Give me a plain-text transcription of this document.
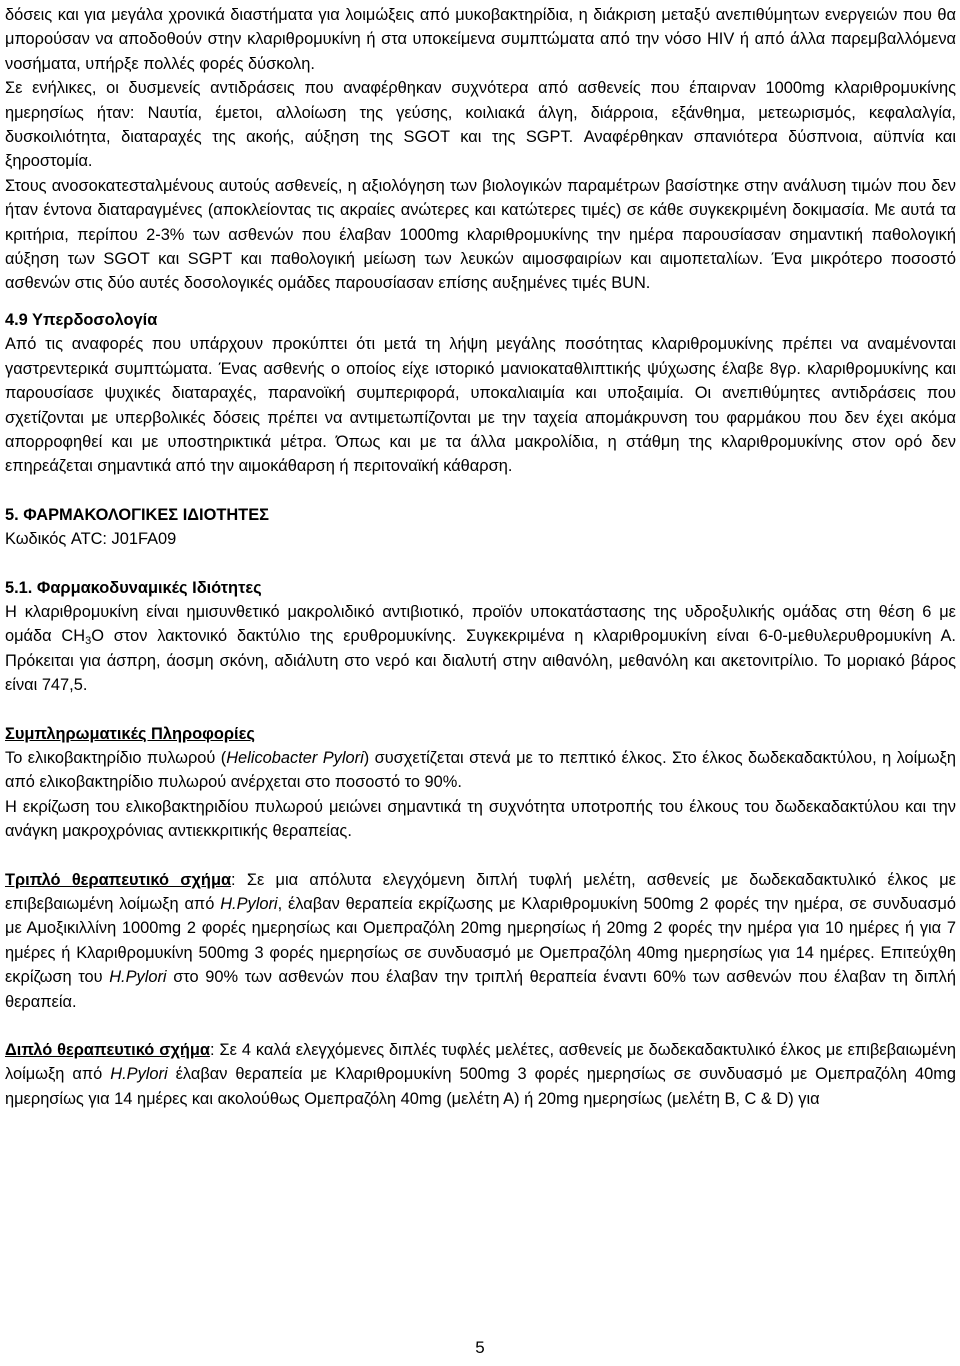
δόσεις και για μεγάλα χρονικά διαστήματα για λοιμώξεις από μυκοβακτηρίδια, η διάκριση μεταξύ ανεπιθύμητων ενεργειών που θα μπορούσαν να αποδοθούν στην κλαριθρομυκίνη ή στα υποκείμενα συμπτώματα από την νόσο HIV ή από άλλα παρεμβαλλόμενα νοσήματα, υπήρξε πολλές φορές δύσκολη.

Σε ενήλικες, οι δυσμενείς αντιδράσεις που αναφέρθηκαν συχνότερα από ασθενείς που έπαιρναν 1000mg κλαριθρομυκίνης ημερησίως ήταν: Ναυτία, έμετοι, αλλοίωση της γεύσης, κοιλιακά άλγη, διάρροια, εξάνθημα, μετεωρισμός, κεφαλαλγία, δυσκοιλιότητα, διαταραχές της ακοής, αύξηση της SGOT και της SGPT. Αναφέρθηκαν σπανιότερα δύσπνοια, αϋπνία και ξηροστομία.

Στους ανοσοκατεσταλμένους αυτούς ασθενείς, η αξιολόγηση των βιολογικών παραμέτρων βασίστηκε στην ανάλυση τιμών που δεν ήταν έντονα διαταραγμένες (αποκλείοντας τις ακραίες ανώτερες και κατώτερες τιμές) σε κάθε συγκεκριμένη δοκιμασία. Με αυτά τα κριτήρια, περίπου 2-3% των ασθενών που έλαβαν 1000mg κλαριθρομυκίνης την ημέρα παρουσίασαν σημαντική παθολογική αύξηση των SGOT και SGPT και παθολογική μείωση των λευκών αιμοσφαιρίων και αιμοπεταλίων. Ένα μικρότερο ποσοστό ασθενών στις δύο αυτές δοσολογικές ομάδες παρουσίασαν επίσης αυξημένες τιμές BUN.

4.9 Υπερδοσολογία

Από τις αναφορές που υπάρχουν προκύπτει ότι μετά τη λήψη μεγάλης ποσότητας κλαριθρομυκίνης πρέπει να αναμένονται γαστρεντερικά συμπτώματα. Ένας ασθενής ο οποίος είχε ιστορικό μανιοκαταθλιπτικής ψύχωσης έλαβε 8γρ. κλαριθρομυκίνης και παρουσίασε ψυχικές διαταραχές, παρανοϊκή συμπεριφορά, υποκαλιαιμία και υποξαιμία. Οι ανεπιθύμητες αντιδράσεις που σχετίζονται με υπερβολικές δόσεις πρέπει να αντιμετωπίζονται με την ταχεία απομάκρυνση του φαρμάκου που δεν έχει ακόμα απορροφηθεί και με υποστηρικτικά μέτρα. Όπως και με τα άλλα μακρολίδια, η στάθμη της κλαριθρομυκίνης στον ορό δεν επηρεάζεται σημαντικά από την αιμοκάθαρση ή περιτοναϊκή κάθαρση.

5. ΦΑΡΜΑΚΟΛΟΓΙΚΕΣ ΙΔΙΟΤΗΤΕΣ

Κωδικός ATC: J01FA09

5.1. Φαρμακοδυναμικές Ιδιότητες

Η κλαριθρομυκίνη είναι ημισυνθετικό μακρολιδικό αντιβιοτικό, προϊόν υποκατάστασης της υδροξυλικής ομάδας στη θέση 6 με ομάδα $CH_3O$ στον λακτονικό δακτύλιο της ερυθρομυκίνης. Συγκεκριμένα η κλαριθρομυκίνη είναι 6-0-μεθυλερυθρομυκίνη Α. Πρόκειται για άσπρη, άοσμη σκόνη, αδιάλυτη στο νερό και διαλυτή στην αιθανόλη, μεθανόλη και ακετονιτρίλιο. Το μοριακό βάρος είναι 747,5.

Συμπληρωματικές Πληροφορίες

Το ελικοβακτηρίδιο πυλωρού (Helicobacter Pylori) συσχετίζεται στενά με το πεπτικό έλκος. Στο έλκος δωδεκαδακτύλου, η λοίμωξη από ελικοβακτηρίδιο πυλωρού ανέρχεται στο ποσοστό το 90%.

Η εκρίζωση του ελικοβακτηριδίου πυλωρού μειώνει σημαντικά τη συχνότητα υποτροπής του έλκους του δωδεκαδακτύλου και την ανάγκη μακροχρόνιας αντιεκκριτικής θεραπείας.

Τριπλό θεραπευτικό σχήμα: Σε μια απόλυτα ελεγχόμενη διπλή τυφλή μελέτη, ασθενείς με δωδεκαδακτυλικό έλκος με επιβεβαιωμένη λοίμωξη από H.Pylori, έλαβαν θεραπεία εκρίζωσης με Κλαριθρομυκίνη 500mg 2 φορές την ημέρα, σε συνδυασμό με Αμοξικιλλίνη 1000mg 2 φορές ημερησίως και Ομεπραζόλη 20mg ημερησίως ή 20mg 2 φορές την ημέρα για 10 ημέρες ή για 7 ημέρες ή Κλαριθρομυκίνη 500mg 3 φορές ημερησίως σε συνδυασμό με Ομεπραζόλη 40mg ημερησίως για 14 ημέρες. Επιτεύχθη εκρίζωση του H.Pylori στο 90% των ασθενών που έλαβαν την τριπλή θεραπεία έναντι 60% των ασθενών που έλαβαν τη διπλή θεραπεία.

Διπλό θεραπευτικό σχήμα: Σε 4 καλά ελεγχόμενες διπλές τυφλές μελέτες, ασθενείς με δωδεκαδακτυλικό έλκος με επιβεβαιωμένη λοίμωξη από H.Pylori έλαβαν θεραπεία με Κλαριθρομυκίνη 500mg 3 φορές ημερησίως σε συνδυασμό με Ομεπραζόλη 40mg ημερησίως για 14 ημέρες και ακολούθως Ομεπραζόλη 40mg (μελέτη Α) ή 20mg ημερησίως (μελέτη B, C & D) για

5
